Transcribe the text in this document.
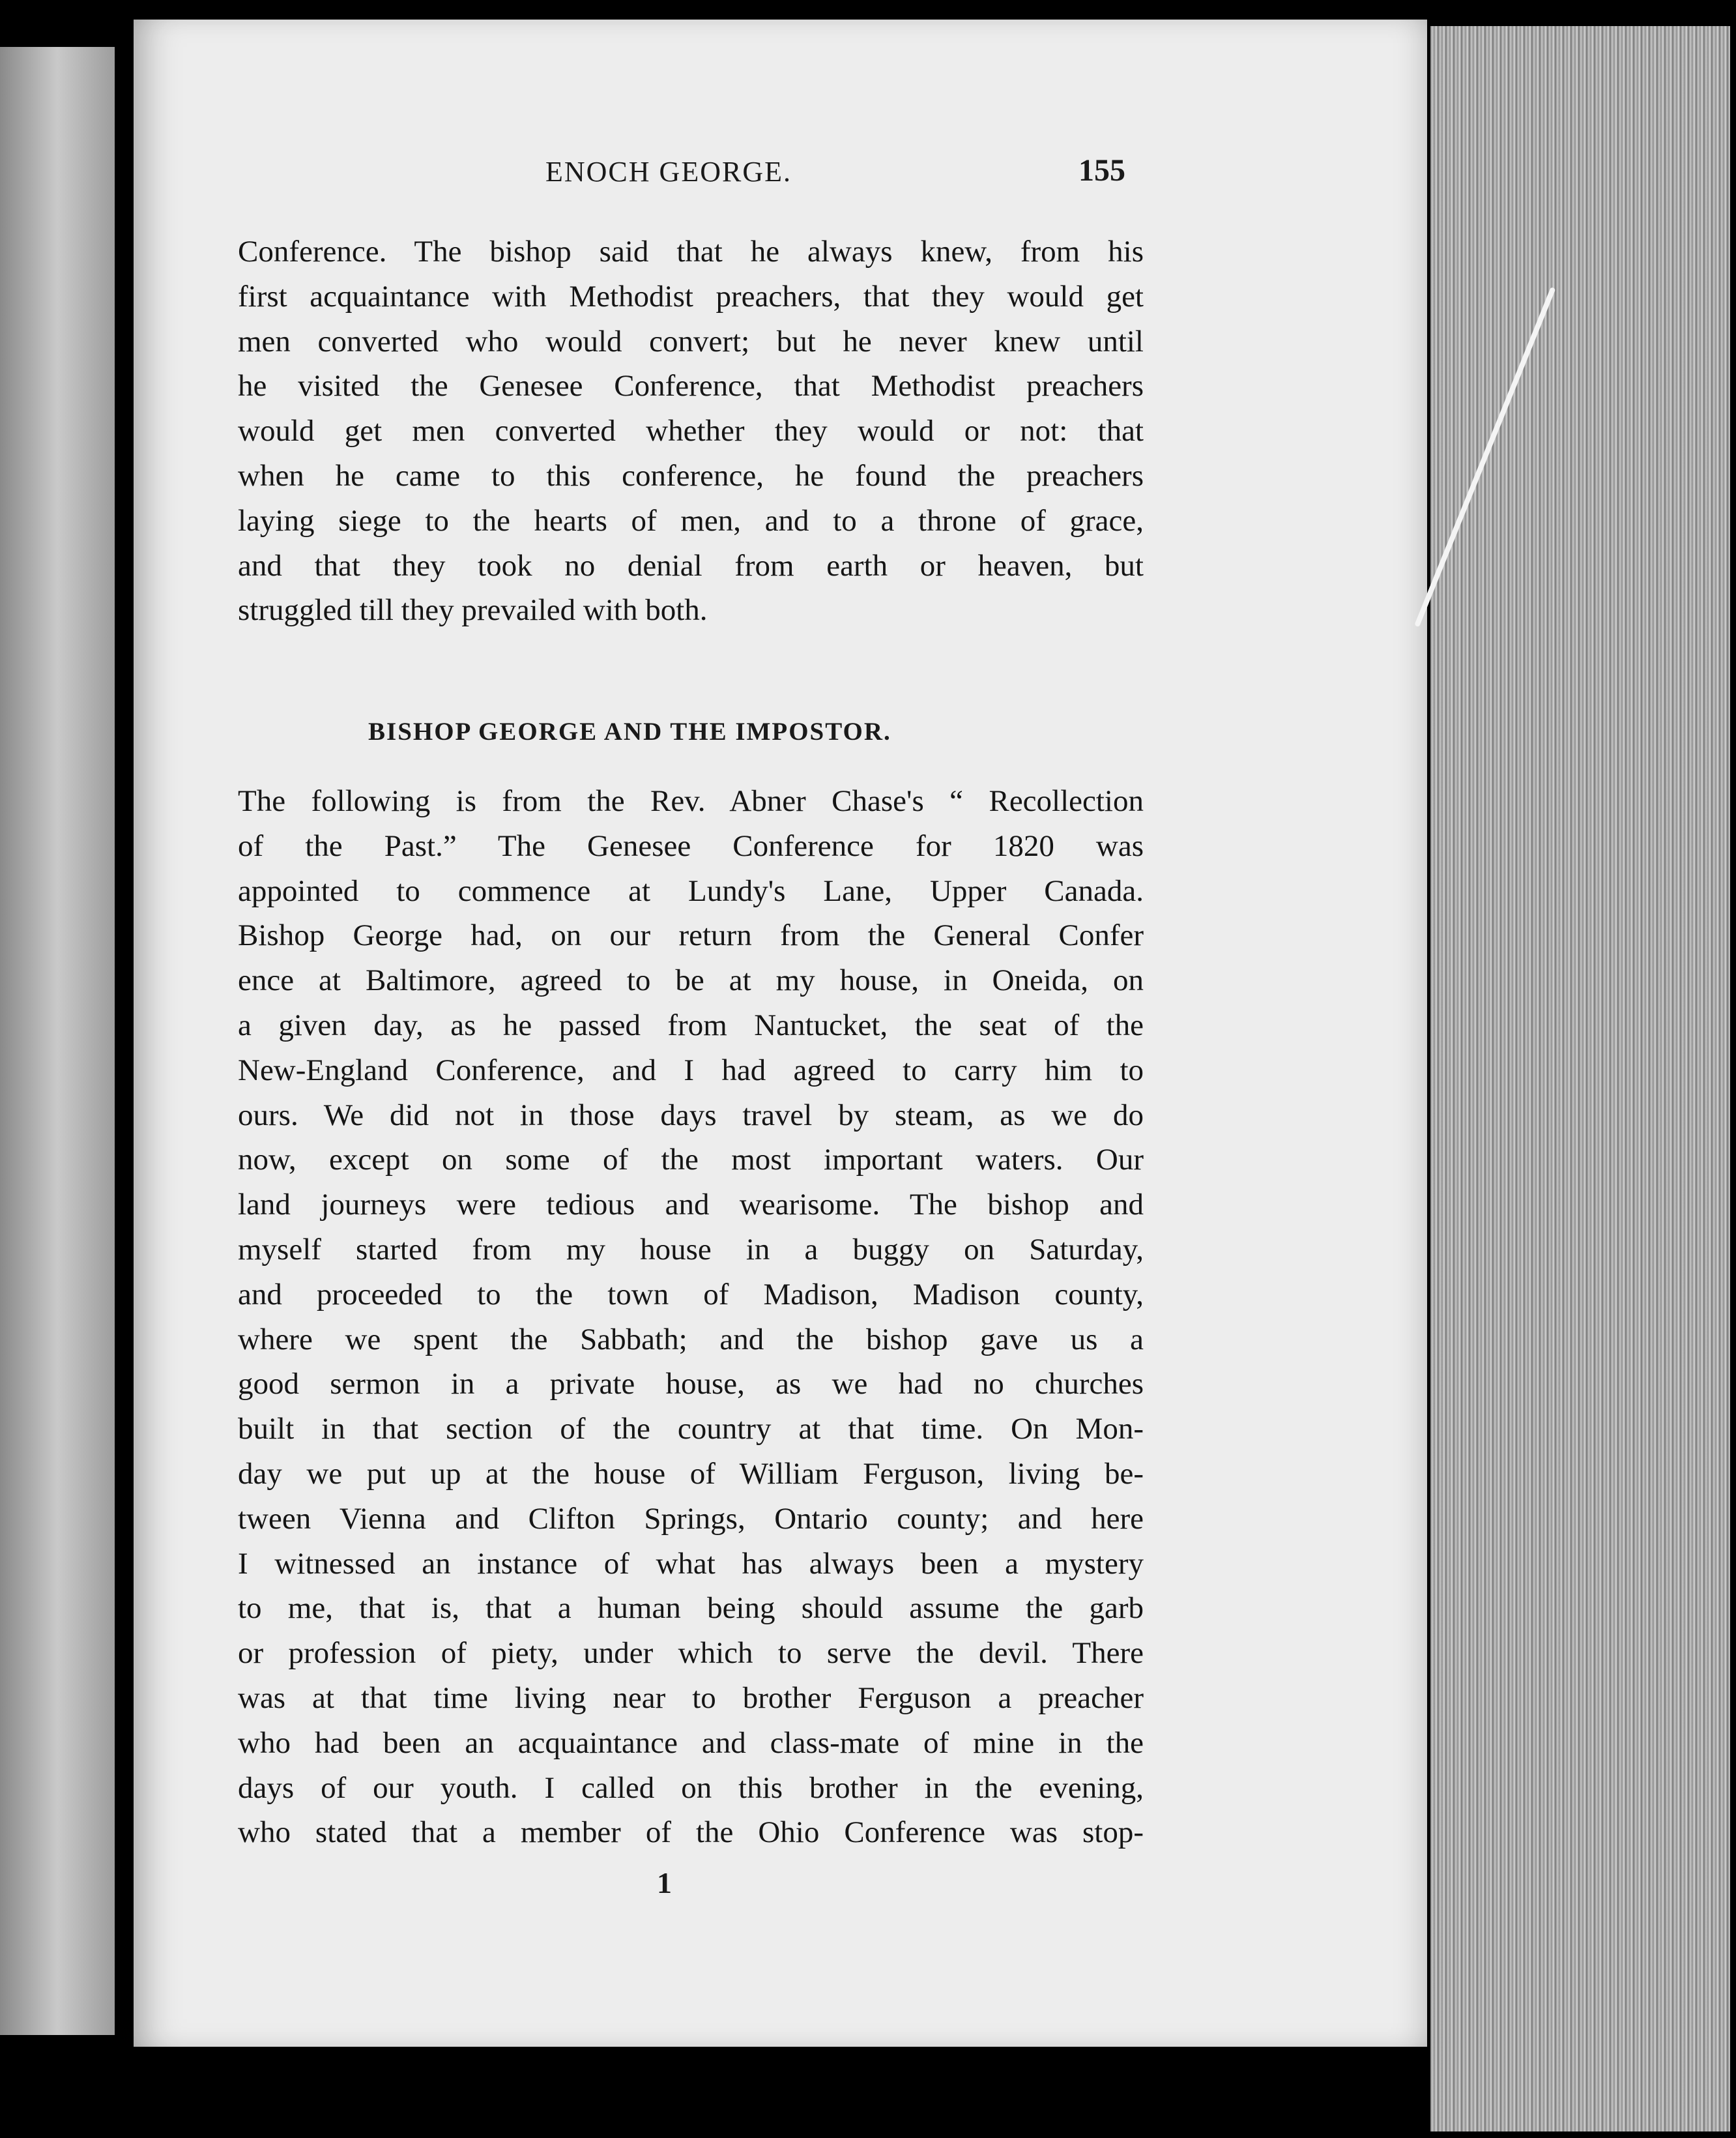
ENOCH GEORGE.	155
Conference. The bishop said that he always knew, from his
first acquaintance with Methodist preachers, that they would get
men converted who would convert; but he never knew until
he visited the Genesee Conference, that Methodist preachers
would get men converted whether they would or not: that
when he came to this conference, he found the preachers
laying siege to the hearts of men, and to a throne of grace,
and that they took no denial from earth or heaven, but
struggled till they prevailed with both.
BISHOP GEORGE AND THE IMPOSTOR.
The following is from the Rev. Abner Chase's “ Recollection
of the Past.” The Genesee Conference for 1820 was
appointed to commence at Lundy's Lane, Upper Canada.
Bishop George had, on our return from the General Confer
ence at Baltimore, agreed to be at my house, in Oneida, on
a given day, as he passed from Nantucket, the seat of the
New-England Conference, and I had agreed to carry him to
ours. We did not in those days travel by steam, as we do
now, except on some of the most important waters. Our
land journeys were tedious and wearisome. The bishop and
myself started from my house in a buggy on Saturday,
and proceeded to the town of Madison, Madison county,
where we spent the Sabbath; and the bishop gave us a
good sermon in a private house, as we had no churches
built in that section of the country at that time. On Mon-
day we put up at the house of William Ferguson, living be-
tween Vienna and Clifton Springs, Ontario county; and here
I witnessed an instance of what has always been a mystery
to me, that is, that a human being should assume the garb
or profession of piety, under which to serve the devil. There
was at that time living near to brother Ferguson a preacher
who had been an acquaintance and class-mate of mine in the
days of our youth. I called on this brother in the evening,
who stated that a member of the Ohio Conference was stop-
1
